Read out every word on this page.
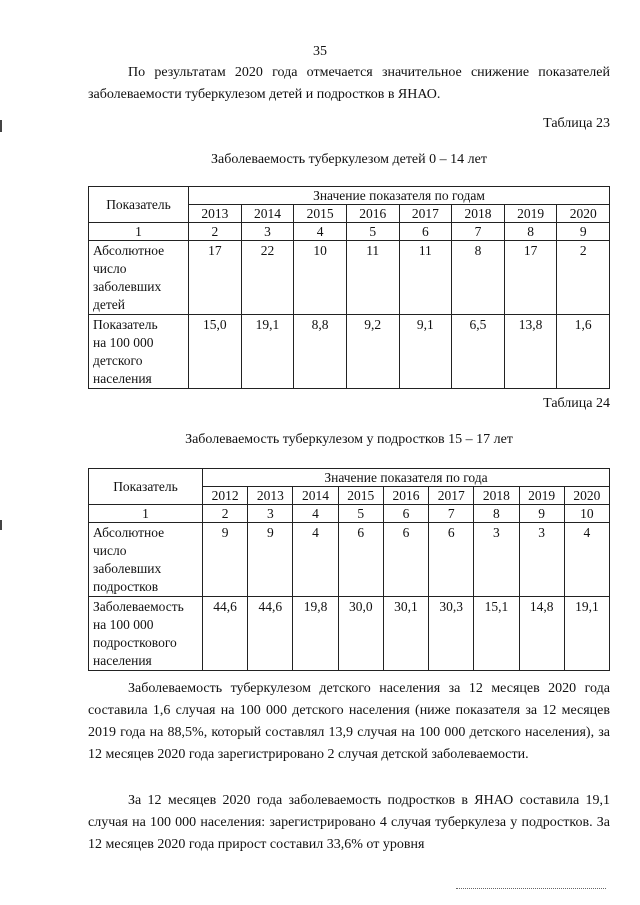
35

По результатам 2020 года отмечается значительное снижение показателей заболеваемости туберкулезом детей и подростков в ЯНАО.

Таблица 23
Заболеваемость туберкулезом детей 0 – 14 лет
Показатель	Значение показателя по годам							
	2013	2014	2015	2016	2017	2018	2019	2020
1	2	3	4	5	6	7	8	9

Абсолютное
число
заболевших
детей	17	22	10	11	11	8	17	2

Показатель
на 100 000
детского
населения	15,0	19,1	8,8	9,2	9,1	6,5	13,8	1,6
Таблица 24
Заболеваемость туберкулезом у подростков 15 – 17 лет
Показатель	Значение показателя по года								
	2012	2013	2014	2015	2016	2017	2018	2019	2020
1	2	3	4	5	6	7	8	9	10

Абсолютное
число
заболевших
подростков	9	9	4	6	6	6	3	3	4

Заболеваемость
на 100 000
подросткового
населения	44,6	44,6	19,8	30,0	30,1	30,3	15,1	14,8	19,1

Заболеваемость туберкулезом детского населения за 12 месяцев 2020 года составила 1,6 случая на 100 000 детского населения (ниже показателя за 12 месяцев 2019 года на 88,5%, который составлял 13,9 случая на 100 000 детского населения), за 12 месяцев 2020 года зарегистрировано 2 случая детской заболеваемости.

За 12 месяцев 2020 года заболеваемость подростков в ЯНАО составила 19,1 случая на 100 000 населения: зарегистрировано 4 случая туберкулеза у подростков. За 12 месяцев 2020 года прирост составил 33,6% от уровня
